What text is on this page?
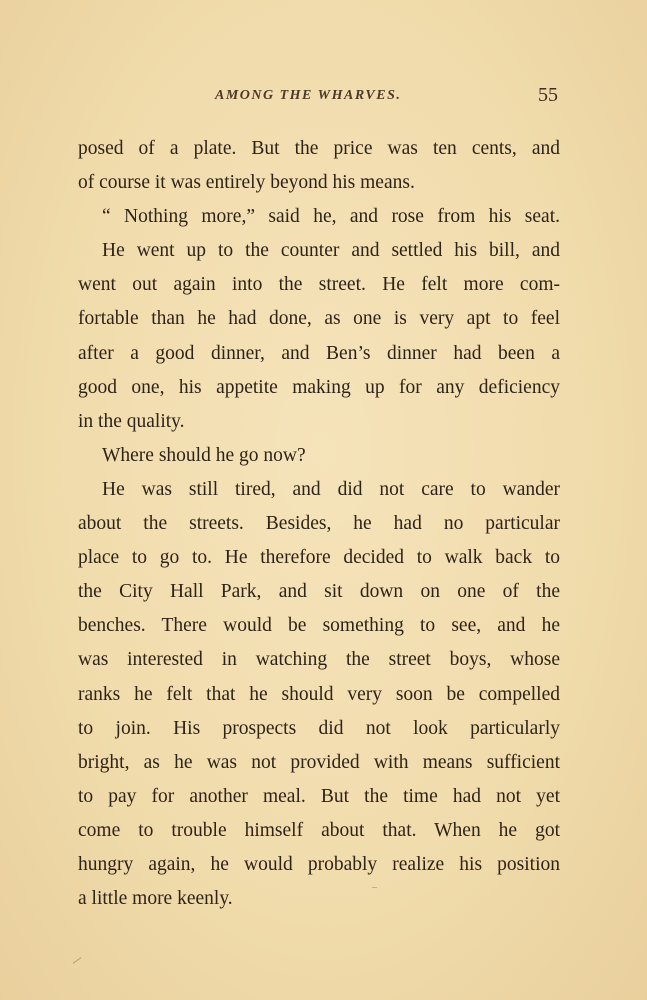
AMONG THE WHARVES.	55
posed of a plate. But the price was ten cents, and
of course it was entirely beyond his means.
“ Nothing more,” said he, and rose from his seat.
He went up to the counter and settled his bill, and
went out again into the street. He felt more com-
fortable than he had done, as one is very apt to feel
after a good dinner, and Ben’s dinner had been a
good one, his appetite making up for any deficiency
in the quality.
Where should he go now?
He was still tired, and did not care to wander
about the streets. Besides, he had no particular
place to go to. He therefore decided to walk back to
the City Hall Park, and sit down on one of the
benches. There would be something to see, and he
was interested in watching the street boys, whose
ranks he felt that he should very soon be compelled
to join. His prospects did not look particularly
bright, as he was not provided with means sufficient
to pay for another meal. But the time had not yet
come to trouble himself about that. When he got
hungry again, he would probably realize his position
a little more keenly.
